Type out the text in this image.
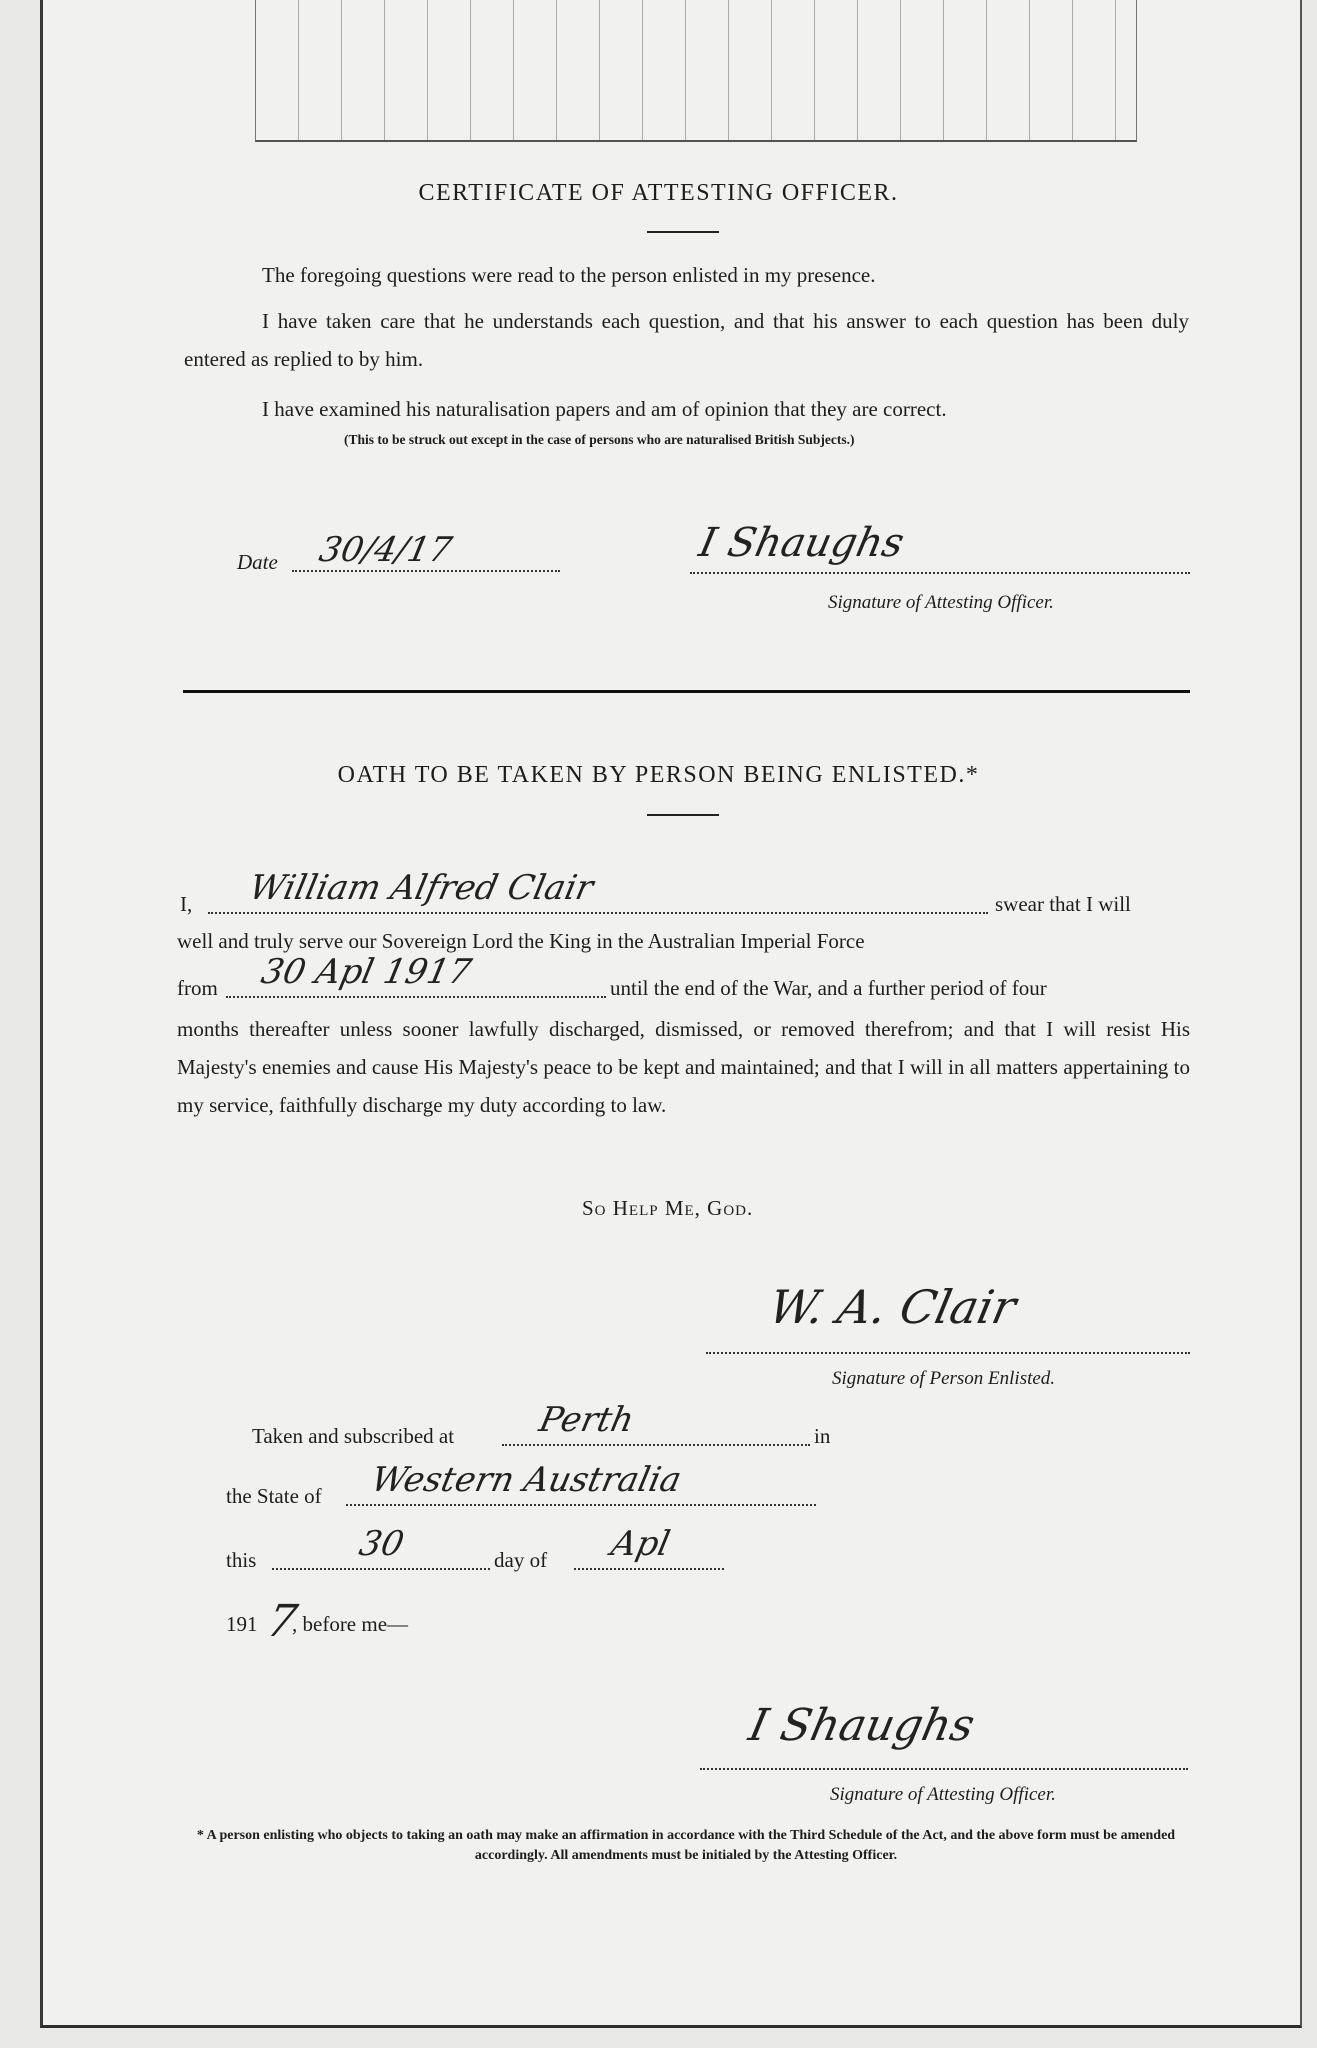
CERTIFICATE OF ATTESTING OFFICER.
The foregoing questions were read to the person enlisted in my presence.
I have taken care that he understands each question, and that his answer to each question has been duly entered as replied to by him.
I have examined his naturalisation papers and am of opinion that they are correct.
(This to be struck out except in the case of persons who are naturalised British Subjects.)
Date 30/4/17	I Shaughs
Signature of Attesting Officer.
OATH TO BE TAKEN BY PERSON BEING ENLISTED.*
I, William Alfred Clair	swear that I will
well and truly serve our Sovereign Lord the King in the Australian Imperial Force
from 30 Apl 1917	until the end of the War, and a further period of four
months thereafter unless sooner lawfully discharged, dismissed, or removed therefrom; and that I will resist His Majesty's enemies and cause His Majesty's peace to be kept and maintained; and that I will in all matters appertaining to my service, faithfully discharge my duty according to law.
So Help Me, God.
W. A. Clair
Signature of Person Enlisted.
Taken and subscribed at Perth	in
the State of Western Australia
this	30	day of Apl
191 7
, before me—
I Shaughs
Signature of Attesting Officer.
* A person enlisting who objects to taking an oath may make an affirmation in accordance with the Third Schedule of the Act, and the above form must be amended accordingly. All amendments must be initialed by the Attesting Officer.
